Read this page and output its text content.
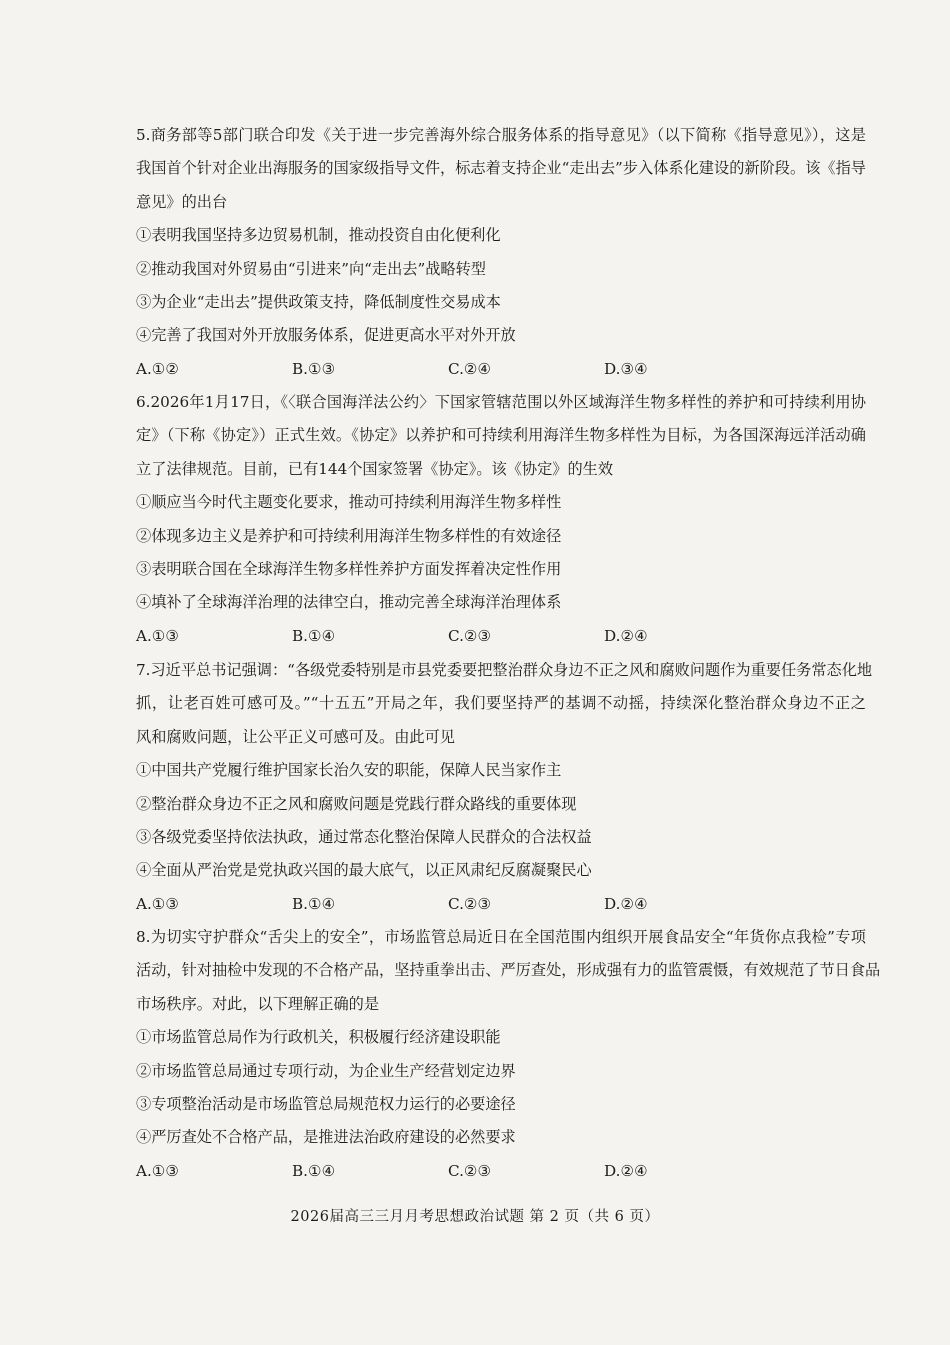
5.商务部等5部门联合印发《关于进一步完善海外综合服务体系的指导意见》（以下简称《指导意见》），这是
我国首个针对企业出海服务的国家级指导文件，标志着支持企业“走出去”步入体系化建设的新阶段。该《指导
意见》的出台
①表明我国坚持多边贸易机制，推动投资自由化便利化
②推动我国对外贸易由“引进来”向“走出去”战略转型
③为企业“走出去”提供政策支持，降低制度性交易成本
④完善了我国对外开放服务体系，促进更高水平对外开放
A.①②	B.①③	C.②④	D.③④
6.2026年1月17日，《〈联合国海洋法公约〉下国家管辖范围以外区域海洋生物多样性的养护和可持续利用协
定》（下称《协定》）正式生效。《协定》以养护和可持续利用海洋生物多样性为目标，为各国深海远洋活动确
立了法律规范。目前，已有144个国家签署《协定》。该《协定》的生效
①顺应当今时代主题变化要求，推动可持续利用海洋生物多样性
②体现多边主义是养护和可持续利用海洋生物多样性的有效途径
③表明联合国在全球海洋生物多样性养护方面发挥着决定性作用
④填补了全球海洋治理的法律空白，推动完善全球海洋治理体系
A.①③	B.①④	C.②③	D.②④
7.习近平总书记强调：“各级党委特别是市县党委要把整治群众身边不正之风和腐败问题作为重要任务常态化地
抓，让老百姓可感可及。”“十五五”开局之年，我们要坚持严的基调不动摇，持续深化整治群众身边不正之
风和腐败问题，让公平正义可感可及。由此可见
①中国共产党履行维护国家长治久安的职能，保障人民当家作主
②整治群众身边不正之风和腐败问题是党践行群众路线的重要体现
③各级党委坚持依法执政，通过常态化整治保障人民群众的合法权益
④全面从严治党是党执政兴国的最大底气，以正风肃纪反腐凝聚民心
A.①③	B.①④	C.②③	D.②④
8.为切实守护群众“舌尖上的安全”，市场监管总局近日在全国范围内组织开展食品安全“年货你点我检”专项
活动，针对抽检中发现的不合格产品，坚持重拳出击、严厉查处，形成强有力的监管震慑，有效规范了节日食品
市场秩序。对此，以下理解正确的是
①市场监管总局作为行政机关，积极履行经济建设职能
②市场监管总局通过专项行动，为企业生产经营划定边界
③专项整治活动是市场监管总局规范权力运行的必要途径
④严厉查处不合格产品，是推进法治政府建设的必然要求
A.①③	B.①④	C.②③	D.②④
2026届高三三月月考思想政治试题 第 2 页（共 6 页）
